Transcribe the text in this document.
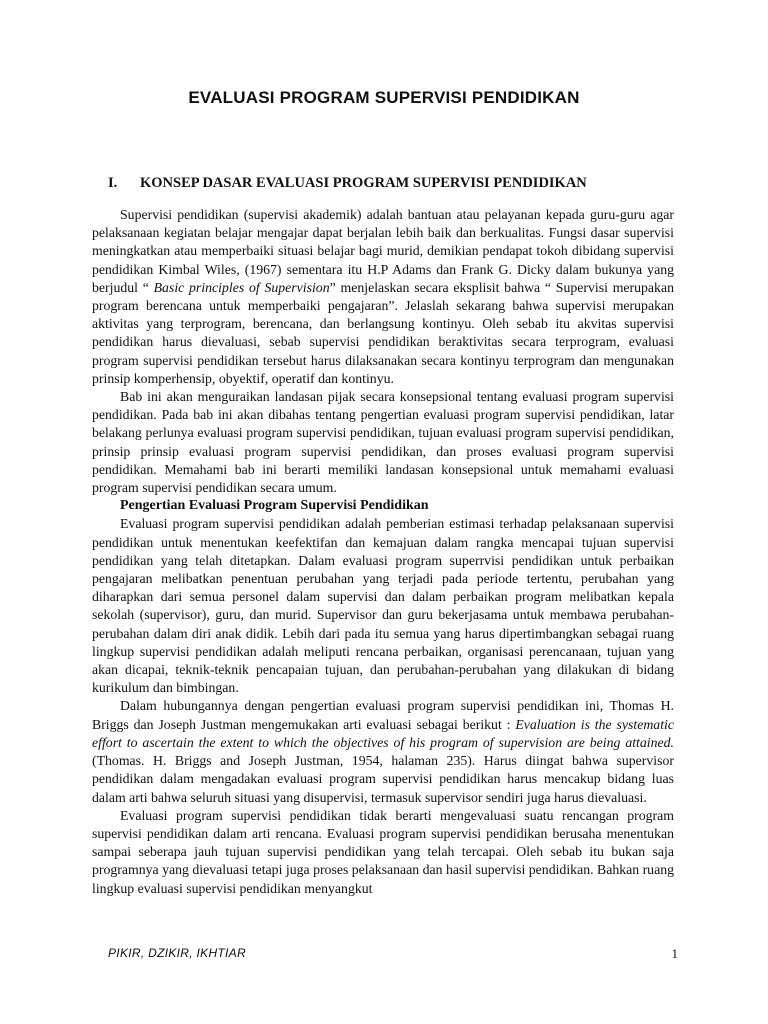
EVALUASI PROGRAM SUPERVISI PENDIDIKAN
I. KONSEP DASAR EVALUASI PROGRAM SUPERVISI PENDIDIKAN

Supervisi pendidikan (supervisi akademik) adalah bantuan atau pelayanan kepada guru-guru agar pelaksanaan kegiatan belajar mengajar dapat berjalan lebih baik dan berkualitas. Fungsi dasar supervisi meningkatkan atau memperbaiki situasi belajar bagi murid, demikian pendapat tokoh dibidang supervisi pendidikan Kimbal Wiles, (1967) sementara itu H.P Adams dan Frank G. Dicky dalam bukunya yang berjudul “ Basic principles of Supervision” menjelaskan secara eksplisit bahwa “ Supervisi merupakan program berencana untuk memperbaiki pengajaran”. Jelaslah sekarang bahwa supervisi merupakan aktivitas yang terprogram, berencana, dan berlangsung kontinyu. Oleh sebab itu akvitas supervisi pendidikan harus dievaluasi, sebab supervisi pendidikan beraktivitas secara terprogram, evaluasi program supervisi pendidikan tersebut harus dilaksanakan secara kontinyu terprogram dan mengunakan prinsip komperhensip, obyektif, operatif dan kontinyu.

Bab ini akan menguraikan landasan pijak secara konsepsional tentang evaluasi program supervisi pendidikan. Pada bab ini akan dibahas tentang pengertian evaluasi program supervisi pendidikan, latar belakang perlunya evaluasi program supervisi pendidikan, tujuan evaluasi program supervisi pendidikan, prinsip prinsip evaluasi program supervisi pendidikan, dan proses evaluasi program supervisi pendidikan. Memahami bab ini berarti memiliki landasan konsepsional untuk memahami evaluasi program supervisi pendidikan secara umum.

Pengertian Evaluasi Program Supervisi Pendidikan

Evaluasi program supervisi pendidikan adalah pemberian estimasi terhadap pelaksanaan supervisi pendidikan untuk menentukan keefektifan dan kemajuan dalam rangka mencapai tujuan supervisi pendidikan yang telah ditetapkan. Dalam evaluasi program superrvisi pendidikan untuk perbaikan pengajaran melibatkan penentuan perubahan yang terjadi pada periode tertentu, perubahan yang diharapkan dari semua personel dalam supervisi dan dalam perbaikan program melibatkan kepala sekolah (supervisor), guru, dan murid. Supervisor dan guru bekerjasama untuk membawa perubahan-perubahan dalam diri anak didik. Lebih dari pada itu semua yang harus dipertimbangkan sebagai ruang lingkup supervisi pendidikan adalah meliputi rencana perbaikan, organisasi perencanaan, tujuan yang akan dicapai, teknik-teknik pencapaian tujuan, dan perubahan-perubahan yang dilakukan di bidang kurikulum dan bimbingan.

Dalam hubungannya dengan pengertian evaluasi program supervisi pendidikan ini, Thomas H. Briggs dan Joseph Justman mengemukakan arti evaluasi sebagai berikut : Evaluation is the systematic effort to ascertain the extent to which the objectives of his program of supervision are being attained. (Thomas. H. Briggs and Joseph Justman, 1954, halaman 235). Harus diingat bahwa supervisor pendidikan dalam mengadakan evaluasi program supervisi pendidikan harus mencakup bidang luas dalam arti bahwa seluruh situasi yang disupervisi, termasuk supervisor sendiri juga harus dievaluasi.

Evaluasi program supervisi pendidikan tidak berarti mengevaluasi suatu rencangan program supervisi pendidikan dalam arti rencana. Evaluasi program supervisi pendidikan berusaha menentukan sampai seberapa jauh tujuan supervisi pendidikan yang telah tercapai. Oleh sebab itu bukan saja programnya yang dievaluasi tetapi juga proses pelaksanaan dan hasil supervisi pendidikan. Bahkan ruang lingkup evaluasi supervisi pendidikan menyangkut

PIKIR, DZIKIR, IKHTIAR	1
